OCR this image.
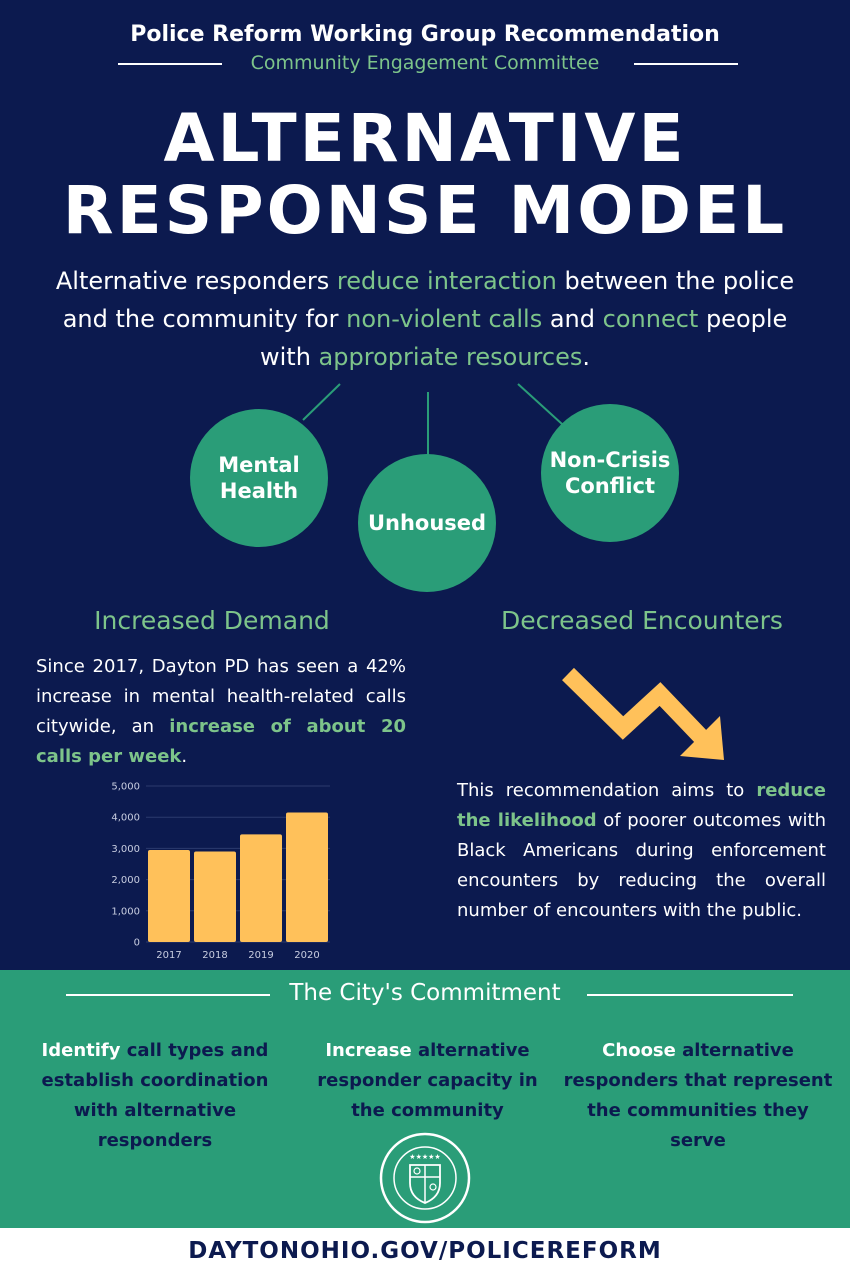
Police Reform Working Group Recommendation
Community Engagement Committee
ALTERNATIVE
RESPONSE MODEL
Alternative responders reduce interaction between the police and the community for non-violent calls and connect people with appropriate resources.
Mental
Health
Unhoused
Non-Crisis
Conflict
Increased Demand
Since 2017, Dayton PD has seen a 42% increase in mental health-related calls citywide, an increase of about 20 calls per week.
0
1,000
2,000
3,000
4,000
5,000
2017 2018 2019 2020
Decreased Encounters
This recommendation aims to reduce the likelihood of poorer outcomes with Black Americans during enforcement encounters by reducing the overall number of encounters with the public.
The City's Commitment
Identify call types and establish coordination with alternative responders
Increase alternative responder capacity in the community
Choose alternative responders that represent the communities they serve
★★★★★
DAYTONOHIO.GOV/POLICEREFORM
